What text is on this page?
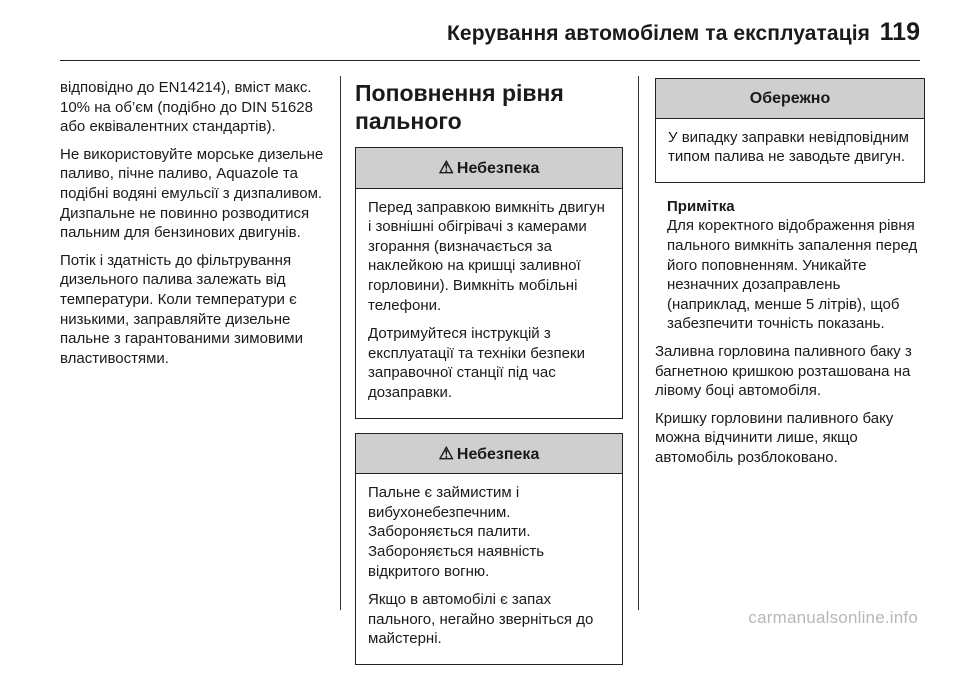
Керування автомобілем та експлуатація 119

відповідно до EN14214), вміст макс. 10% на об’єм (подібно до DIN 51628 або еквівалентних стандартів).

Не використовуйте морське дизельне паливо, пічне паливо, Aquazole та подібні водяні емульсії з дизпаливом. Дизпальне не повинно розводитися пальним для бензинових двигунів.

Потік і здатність до фільтрування дизельного палива залежать від температури. Коли температури є низькими, заправляйте дизельне пальне з гарантованими зимовими властивостями.

Поповнення рівня пального
⚠ Небезпека

Перед заправкою вимкніть двигун і зовнішні обігрівачі з камерами згорання (визначається за наклейкою на кришці заливної горловини). Вимкніть мобільні телефони.

Дотримуйтеся інструкцій з експлуатації та техніки безпеки заправочної станції під час дозаправки.

⚠ Небезпека

Пальне є займистим і вибухонебезпечним. Забороняється палити. Забороняється наявність відкритого вогню.

Якщо в автомобілі є запах пального, негайно зверніться до майстерні.

Обережно

У випадку заправки невідповідним типом палива не заводьте двигун.

Примітка
Для коректного відображення рівня пального вимкніть запалення перед його поповненням. Уникайте незначних дозаправлень (наприклад, менше 5 літрів), щоб забезпечити точність показань.

Заливна горловина паливного баку з багнетною кришкою розташована на лівому боці автомобіля.

Кришку горловини паливного баку можна відчинити лише, якщо автомобіль розблоковано.

carmanualsonline.info
